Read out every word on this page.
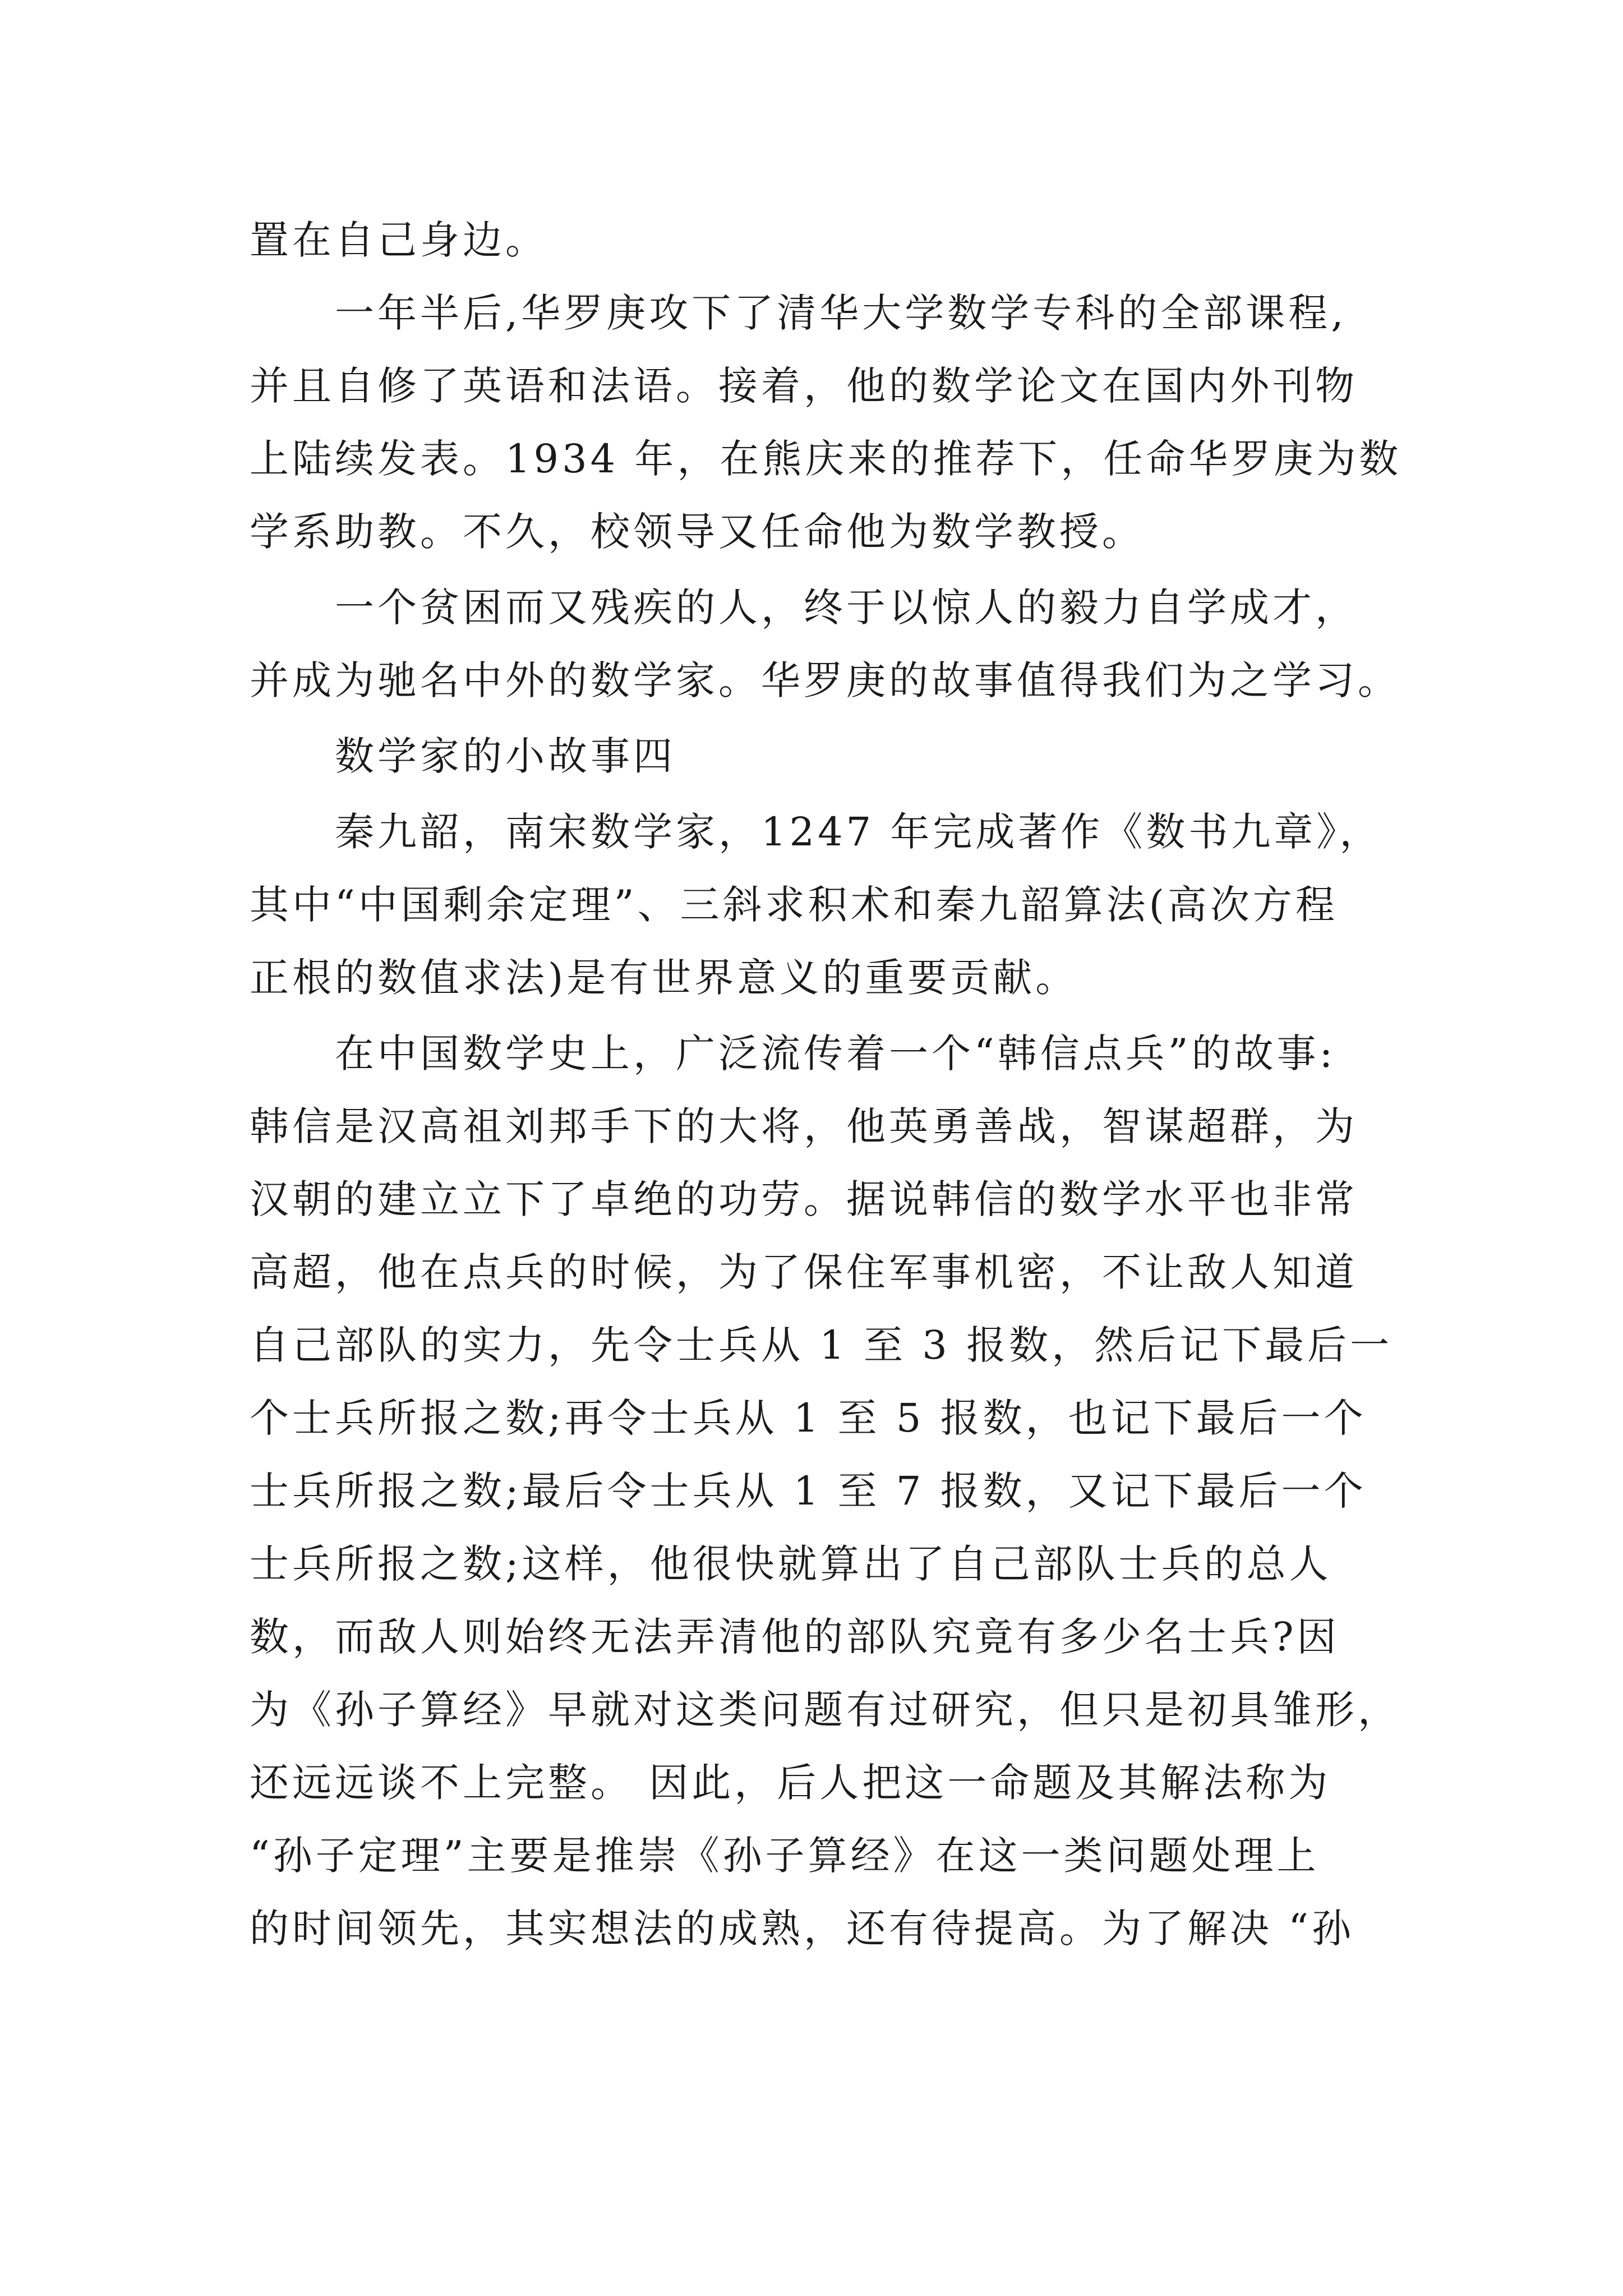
置在自己身边。
　　一年半后,华罗庚攻下了清华大学数学专科的全部课程,
并且自修了英语和法语。接着，他的数学论文在国内外刊物
上陆续发表。1934 年，在熊庆来的推荐下，任命华罗庚为数
学系助教。不久，校领导又任命他为数学教授。
　　一个贫困而又残疾的人，终于以惊人的毅力自学成才，
并成为驰名中外的数学家。华罗庚的故事值得我们为之学习。
　　数学家的小故事四
　　秦九韶，南宋数学家，1247 年完成著作《数书九章》，
其中“中国剩余定理”、三斜求积术和秦九韶算法(高次方程
正根的数值求法)是有世界意义的重要贡献。
　　在中国数学史上，广泛流传着一个“韩信点兵”的故事:
韩信是汉高祖刘邦手下的大将，他英勇善战，智谋超群，为
汉朝的建立立下了卓绝的功劳。据说韩信的数学水平也非常
高超，他在点兵的时候，为了保住军事机密，不让敌人知道
自己部队的实力，先令士兵从 1 至 3 报数，然后记下最后一
个士兵所报之数;再令士兵从 1 至 5 报数，也记下最后一个
士兵所报之数;最后令士兵从 1 至 7 报数，又记下最后一个
士兵所报之数;这样，他很快就算出了自己部队士兵的总人
数，而敌人则始终无法弄清他的部队究竟有多少名士兵?因
为《孙子算经》早就对这类问题有过研究，但只是初具雏形，
还远远谈不上完整。 因此，后人把这一命题及其解法称为
“孙子定理”主要是推崇《孙子算经》在这一类问题处理上
的时间领先，其实想法的成熟，还有待提高。为了解决 “孙
